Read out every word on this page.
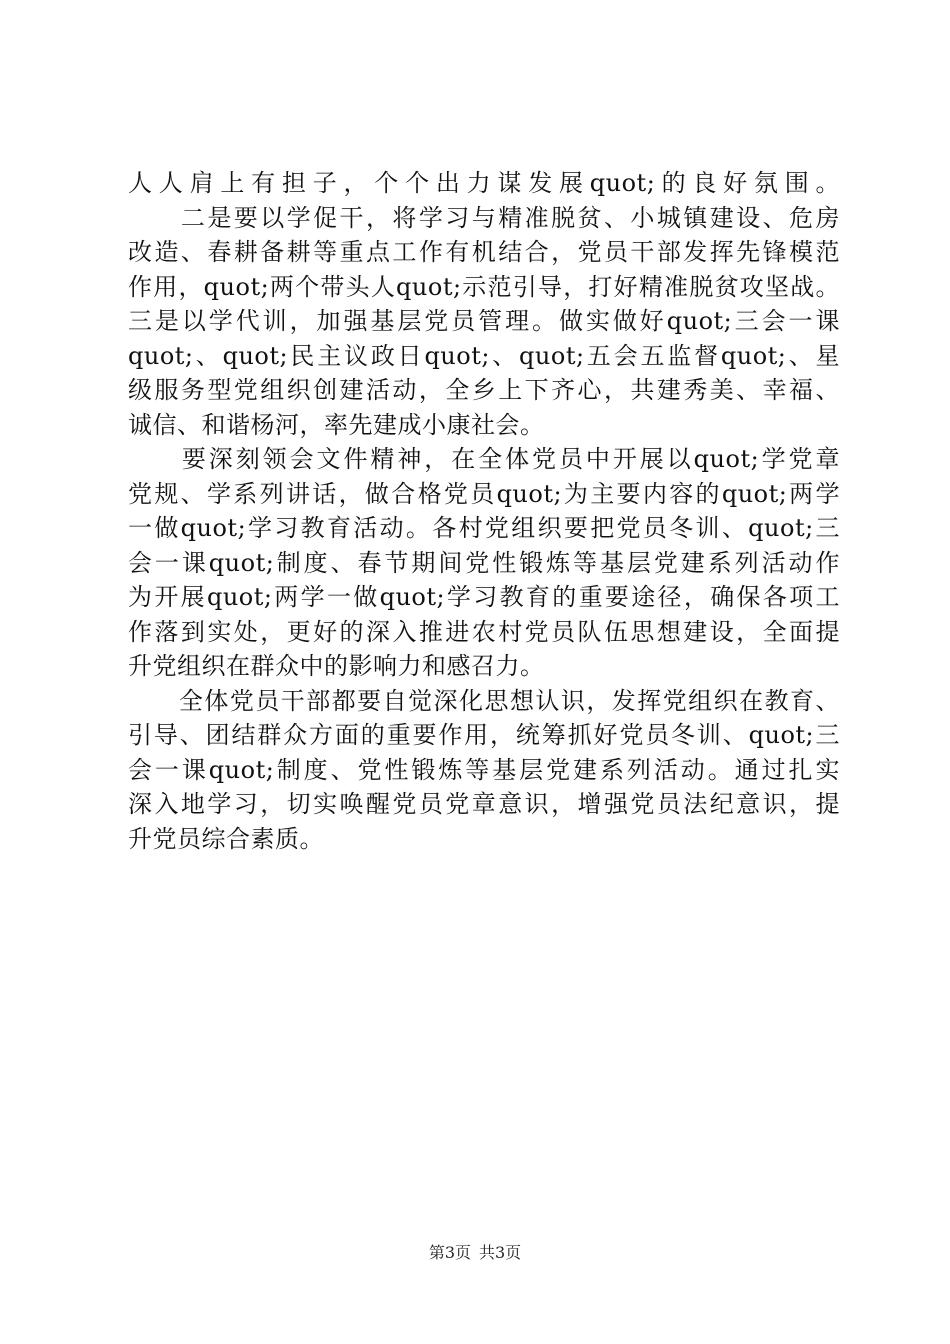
人人肩上有担子，个个出力谋发展quot;的良好氛围。
　　二是要以学促干，将学习与精准脱贫、小城镇建设、危房
改造、春耕备耕等重点工作有机结合，党员干部发挥先锋模范
作用，quot;两个带头人quot;示范引导，打好精准脱贫攻坚战。
三是以学代训，加强基层党员管理。做实做好quot;三会一课
quot;、quot;民主议政日quot;、quot;五会五监督quot;、星
级服务型党组织创建活动，全乡上下齐心，共建秀美、幸福、
诚信、和谐杨河，率先建成小康社会。
　　要深刻领会文件精神，在全体党员中开展以quot;学党章
党规、学系列讲话，做合格党员quot;为主要内容的quot;两学
一做quot;学习教育活动。各村党组织要把党员冬训、quot;三
会一课quot;制度、春节期间党性锻炼等基层党建系列活动作
为开展quot;两学一做quot;学习教育的重要途径，确保各项工
作落到实处，更好的深入推进农村党员队伍思想建设，全面提
升党组织在群众中的影响力和感召力。
　　全体党员干部都要自觉深化思想认识，发挥党组织在教育、
引导、团结群众方面的重要作用，统筹抓好党员冬训、quot;三
会一课quot;制度、党性锻炼等基层党建系列活动。通过扎实
深入地学习，切实唤醒党员党章意识，增强党员法纪意识，提
升党员综合素质。
第3页 共3页
